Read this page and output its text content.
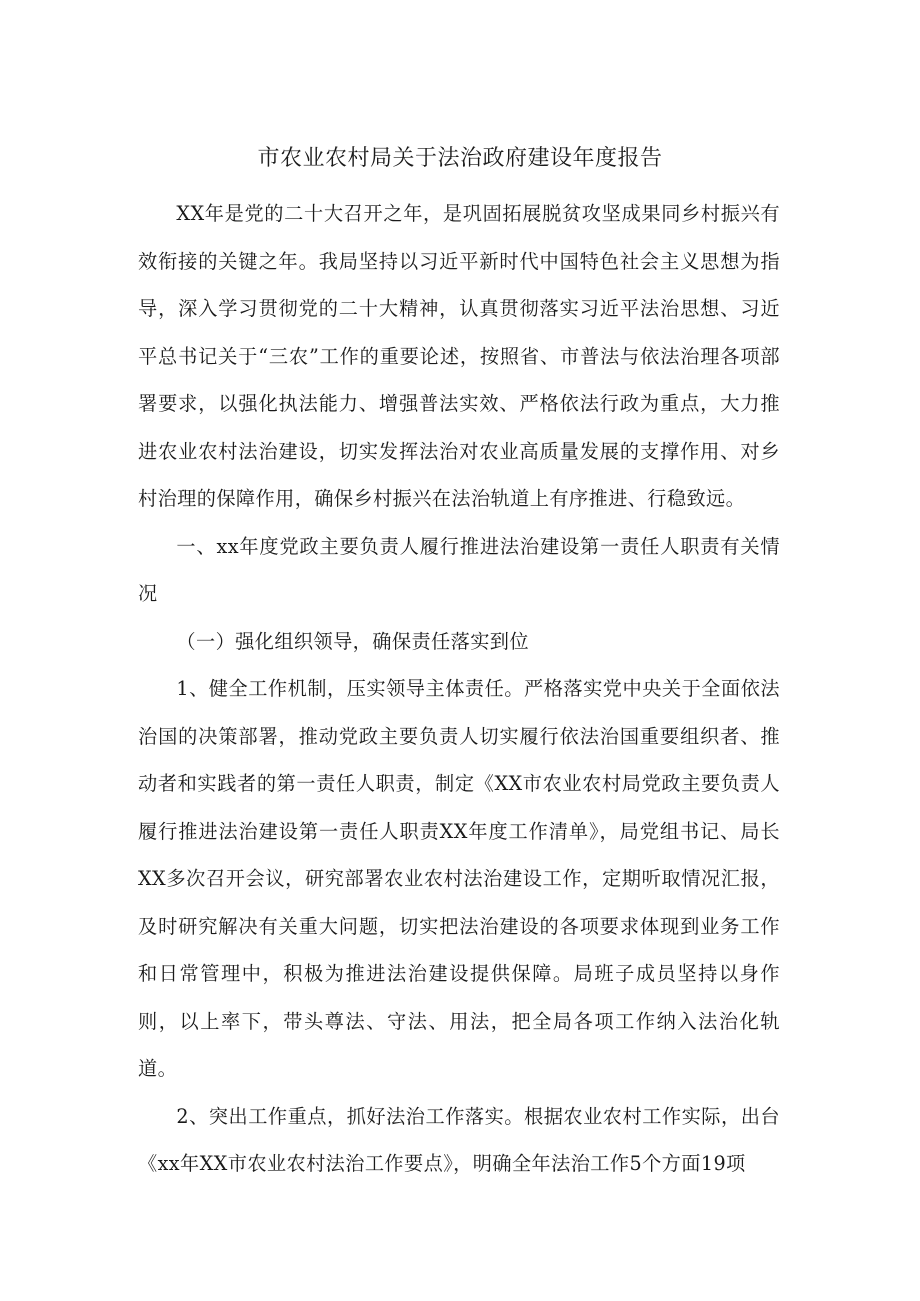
市农业农村局关于法治政府建设年度报告

XX年是党的二十大召开之年，是巩固拓展脱贫攻坚成果同乡村振兴有效衔接的关键之年。我局坚持以习近平新时代中国特色社会主义思想为指导，深入学习贯彻党的二十大精神，认真贯彻落实习近平法治思想、习近平总书记关于“三农”工作的重要论述，按照省、市普法与依法治理各项部署要求，以强化执法能力、增强普法实效、严格依法行政为重点，大力推进农业农村法治建设，切实发挥法治对农业高质量发展的支撑作用、对乡村治理的保障作用，确保乡村振兴在法治轨道上有序推进、行稳致远。

一、xx年度党政主要负责人履行推进法治建设第一责任人职责有关情况

（一）强化组织领导，确保责任落实到位

1、健全工作机制，压实领导主体责任。严格落实党中央关于全面依法治国的决策部署，推动党政主要负责人切实履行依法治国重要组织者、推动者和实践者的第一责任人职责，制定《XX市农业农村局党政主要负责人履行推进法治建设第一责任人职责XX年度工作清单》，局党组书记、局长XX多次召开会议，研究部署农业农村法治建设工作，定期听取情况汇报，及时研究解决有关重大问题，切实把法治建设的各项要求体现到业务工作和日常管理中，积极为推进法治建设提供保障。局班子成员坚持以身作则，以上率下，带头尊法、守法、用法，把全局各项工作纳入法治化轨道。

2、突出工作重点，抓好法治工作落实。根据农业农村工作实际，出台《xx年XX市农业农村法治工作要点》，明确全年法治工作5个方面19项
